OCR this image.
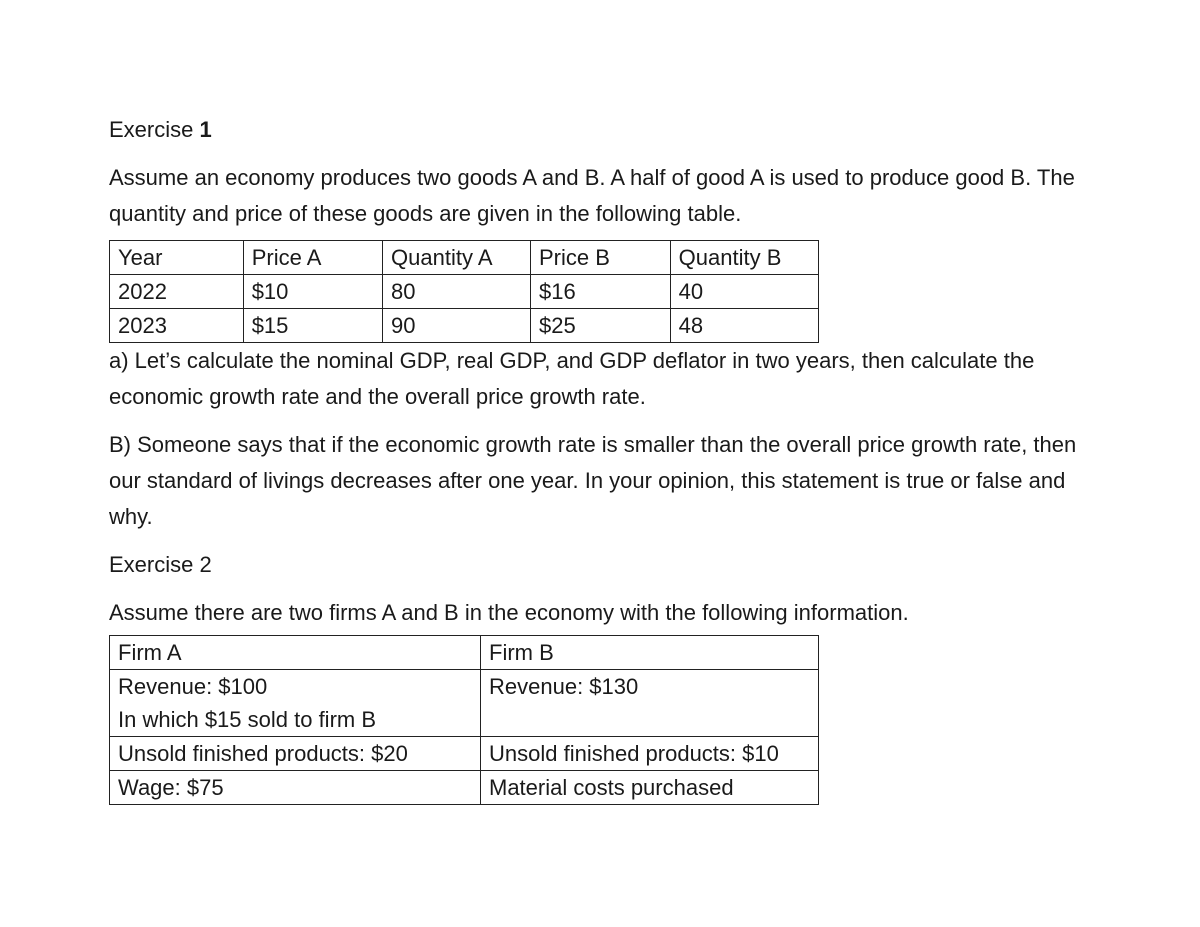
Exercise 1

Assume an economy produces two goods A and B. A half of good A is used to produce good B. The quantity and price of these goods are given in the following table.

Year	Price A	Quantity A	Price B	Quantity B
2022	$10	80	$16	40
2023	$15	90	$25	48

a) Let’s calculate the nominal GDP, real GDP, and GDP deflator in two years, then calculate the economic growth rate and the overall price growth rate.

B) Someone says that if the economic growth rate is smaller than the overall price growth rate, then our standard of livings decreases after one year. In your opinion, this statement is true or false and why.

Exercise 2

Assume there are two firms A and B in the economy with the following information.

Firm A	Firm B

Revenue: $100
In which $15 sold to firm B	Revenue: $130

Unsold finished products: $20	Unsold finished products: $10

Wage: $75	Material costs purchased
